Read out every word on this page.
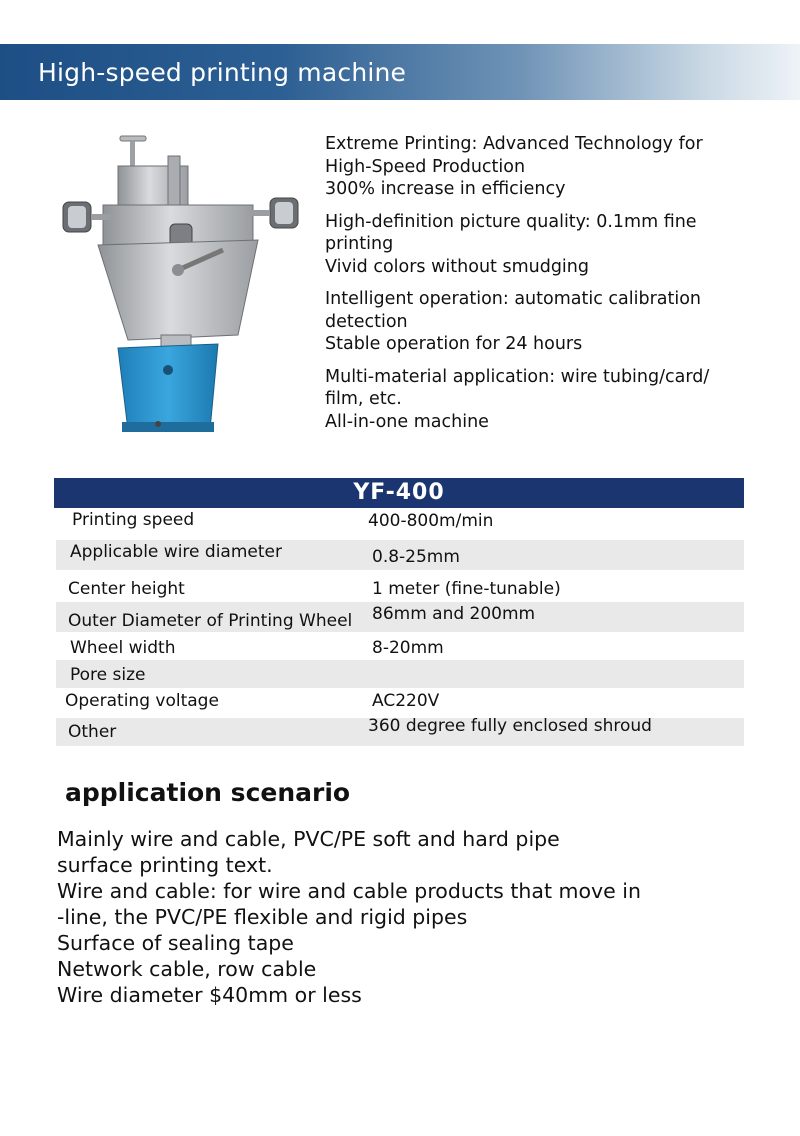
High-speed printing machine
Extreme Printing: Advanced Technology for
High-Speed Production
300% increase in efficiency
High-definition picture quality: 0.1mm fine
printing
Vivid colors without smudging
Intelligent operation: automatic calibration
detection
Stable operation for 24 hours
Multi-material application: wire tubing/card/
film, etc.
All-in-one machine
YF-400
Printing speed	400-800m/min
Applicable wire diameter	0.8-25mm
Center height	1 meter (fine-tunable)
Outer Diameter of Printing Wheel 86mm and 200mm
Wheel width	8-20mm
Pore size
Operating voltage	AC220V
Other	360 degree fully enclosed shroud
application scenario
Mainly wire and cable, PVC/PE soft and hard pipe
surface printing text.
Wire and cable: for wire and cable products that move in
-line, the PVC/PE flexible and rigid pipes
Surface of sealing tape
Network cable, row cable
Wire diameter $40mm or less
